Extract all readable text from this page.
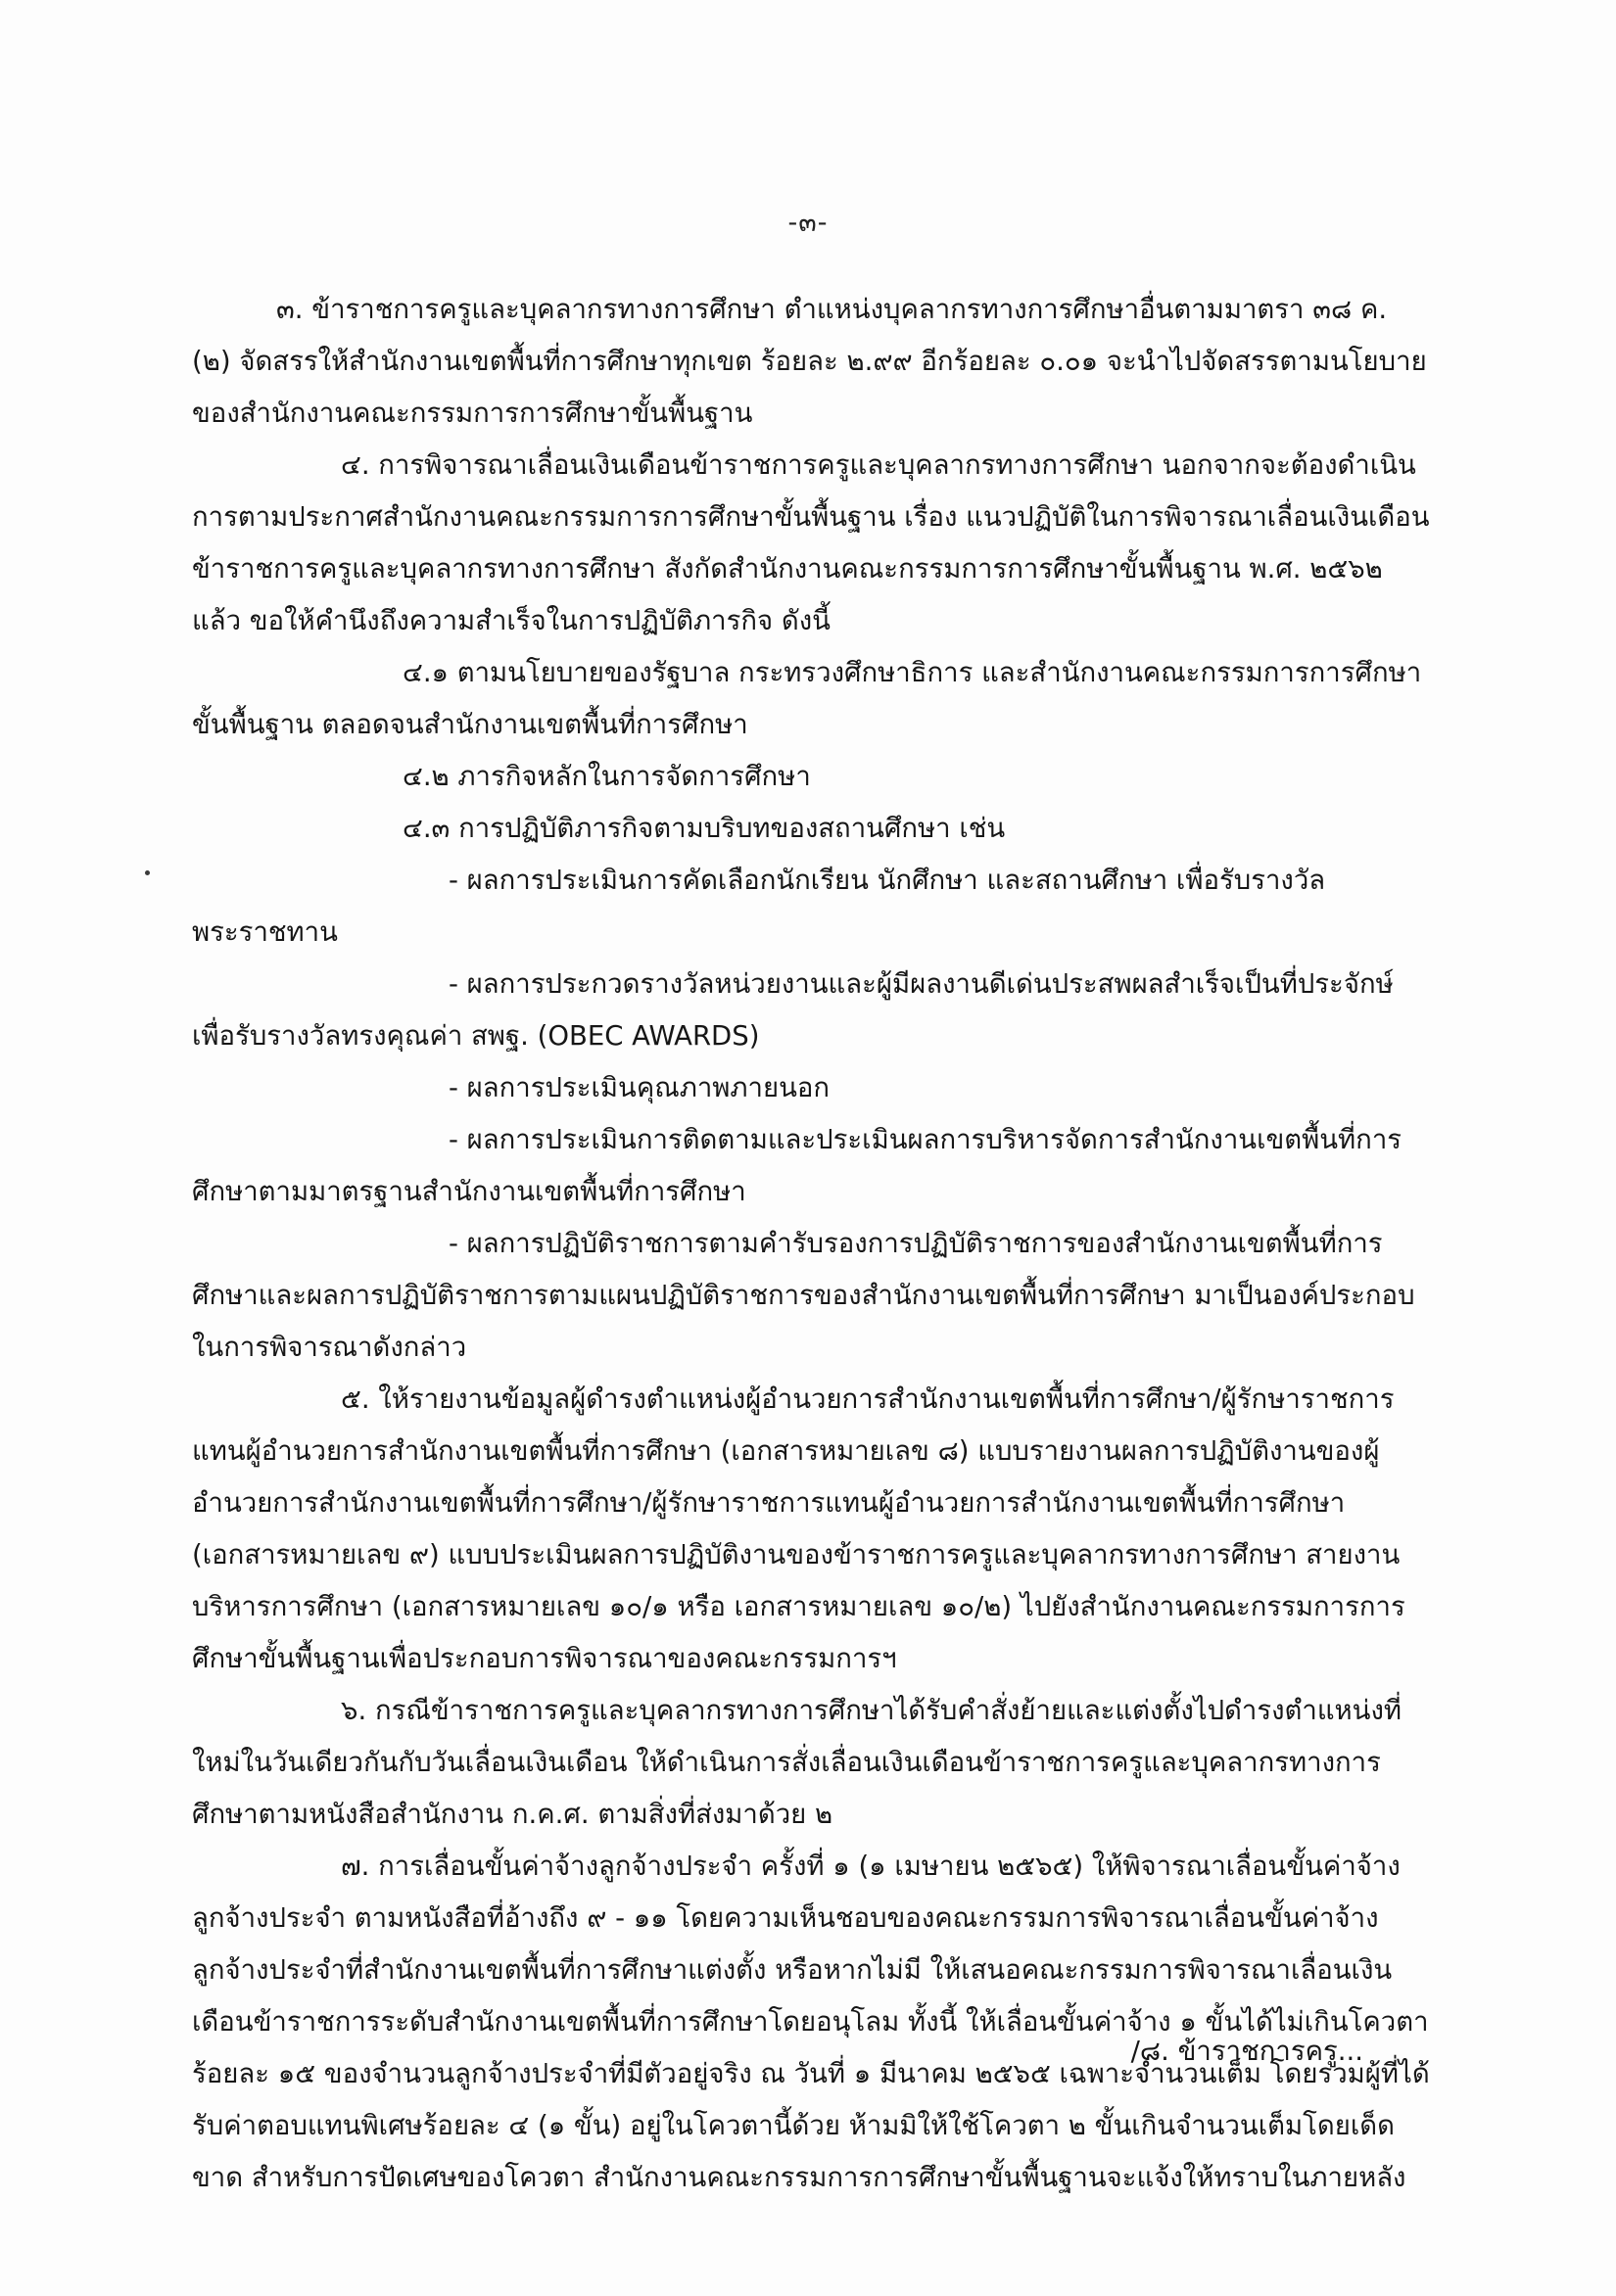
-๓-

๓. ข้าราชการครูและบุคลากรทางการศึกษา ตำแหน่งบุคลากรทางการศึกษาอื่นตามมาตรา ๓๘ ค. (๒) จัดสรรให้สำนักงานเขตพื้นที่การศึกษาทุกเขต ร้อยละ ๒.๙๙ อีกร้อยละ ๐.๐๑ จะนำไปจัดสรรตามนโยบายของสำนักงานคณะกรรมการการศึกษาขั้นพื้นฐาน

๔. การพิจารณาเลื่อนเงินเดือนข้าราชการครูและบุคลากรทางการศึกษา นอกจากจะต้องดำเนินการตามประกาศสำนักงานคณะกรรมการการศึกษาขั้นพื้นฐาน เรื่อง แนวปฏิบัติในการพิจารณาเลื่อนเงินเดือนข้าราชการครูและบุคลากรทางการศึกษา สังกัดสำนักงานคณะกรรมการการศึกษาขั้นพื้นฐาน พ.ศ. ๒๕๖๒ แล้ว ขอให้คำนึงถึงความสำเร็จในการปฏิบัติภารกิจ ดังนี้

๔.๑ ตามนโยบายของรัฐบาล กระทรวงศึกษาธิการ และสำนักงานคณะกรรมการการศึกษาขั้นพื้นฐาน ตลอดจนสำนักงานเขตพื้นที่การศึกษา

๔.๒ ภารกิจหลักในการจัดการศึกษา

๔.๓ การปฏิบัติภารกิจตามบริบทของสถานศึกษา เช่น

- ผลการประเมินการคัดเลือกนักเรียน นักศึกษา และสถานศึกษา เพื่อรับรางวัลพระราชทาน

- ผลการประกวดรางวัลหน่วยงานและผู้มีผลงานดีเด่นประสพผลสำเร็จเป็นที่ประจักษ์เพื่อรับรางวัลทรงคุณค่า สพฐ. (OBEC AWARDS)

- ผลการประเมินคุณภาพภายนอก

- ผลการประเมินการติดตามและประเมินผลการบริหารจัดการสำนักงานเขตพื้นที่การศึกษาตามมาตรฐานสำนักงานเขตพื้นที่การศึกษา

- ผลการปฏิบัติราชการตามคำรับรองการปฏิบัติราชการของสำนักงานเขตพื้นที่การศึกษาและผลการปฏิบัติราชการตามแผนปฏิบัติราชการของสำนักงานเขตพื้นที่การศึกษา มาเป็นองค์ประกอบในการพิจารณาดังกล่าว

๕. ให้รายงานข้อมูลผู้ดำรงตำแหน่งผู้อำนวยการสำนักงานเขตพื้นที่การศึกษา/ผู้รักษาราชการแทนผู้อำนวยการสำนักงานเขตพื้นที่การศึกษา (เอกสารหมายเลข ๘) แบบรายงานผลการปฏิบัติงานของผู้อำนวยการสำนักงานเขตพื้นที่การศึกษา/ผู้รักษาราชการแทนผู้อำนวยการสำนักงานเขตพื้นที่การศึกษา (เอกสารหมายเลข ๙) แบบประเมินผลการปฏิบัติงานของข้าราชการครูและบุคลากรทางการศึกษา สายงานบริหารการศึกษา (เอกสารหมายเลข ๑๐/๑ หรือ เอกสารหมายเลข ๑๐/๒) ไปยังสำนักงานคณะกรรมการการศึกษาขั้นพื้นฐานเพื่อประกอบการพิจารณาของคณะกรรมการฯ

๖. กรณีข้าราชการครูและบุคลากรทางการศึกษาได้รับคำสั่งย้ายและแต่งตั้งไปดำรงตำแหน่งที่ใหม่ในวันเดียวกันกับวันเลื่อนเงินเดือน ให้ดำเนินการสั่งเลื่อนเงินเดือนข้าราชการครูและบุคลากรทางการศึกษาตามหนังสือสำนักงาน ก.ค.ศ. ตามสิ่งที่ส่งมาด้วย ๒

๗. การเลื่อนขั้นค่าจ้างลูกจ้างประจำ ครั้งที่ ๑ (๑ เมษายน ๒๕๖๕) ให้พิจารณาเลื่อนขั้นค่าจ้างลูกจ้างประจำ ตามหนังสือที่อ้างถึง ๙ - ๑๑ โดยความเห็นชอบของคณะกรรมการพิจารณาเลื่อนขั้นค่าจ้างลูกจ้างประจำที่สำนักงานเขตพื้นที่การศึกษาแต่งตั้ง หรือหากไม่มี ให้เสนอคณะกรรมการพิจารณาเลื่อนเงินเดือนข้าราชการระดับสำนักงานเขตพื้นที่การศึกษาโดยอนุโลม ทั้งนี้ ให้เลื่อนขั้นค่าจ้าง ๑ ขั้นได้ไม่เกินโควตาร้อยละ ๑๕ ของจำนวนลูกจ้างประจำที่มีตัวอยู่จริง ณ วันที่ ๑ มีนาคม ๒๕๖๕ เฉพาะจำนวนเต็ม โดยรวมผู้ที่ได้รับค่าตอบแทนพิเศษร้อยละ ๔ (๑ ขั้น) อยู่ในโควตานี้ด้วย ห้ามมิให้ใช้โควตา ๒ ขั้นเกินจำนวนเต็มโดยเด็ดขาด สำหรับการปัดเศษของโควตา สำนักงานคณะกรรมการการศึกษาขั้นพื้นฐานจะแจ้งให้ทราบในภายหลัง

/๘. ข้าราชการครู...
